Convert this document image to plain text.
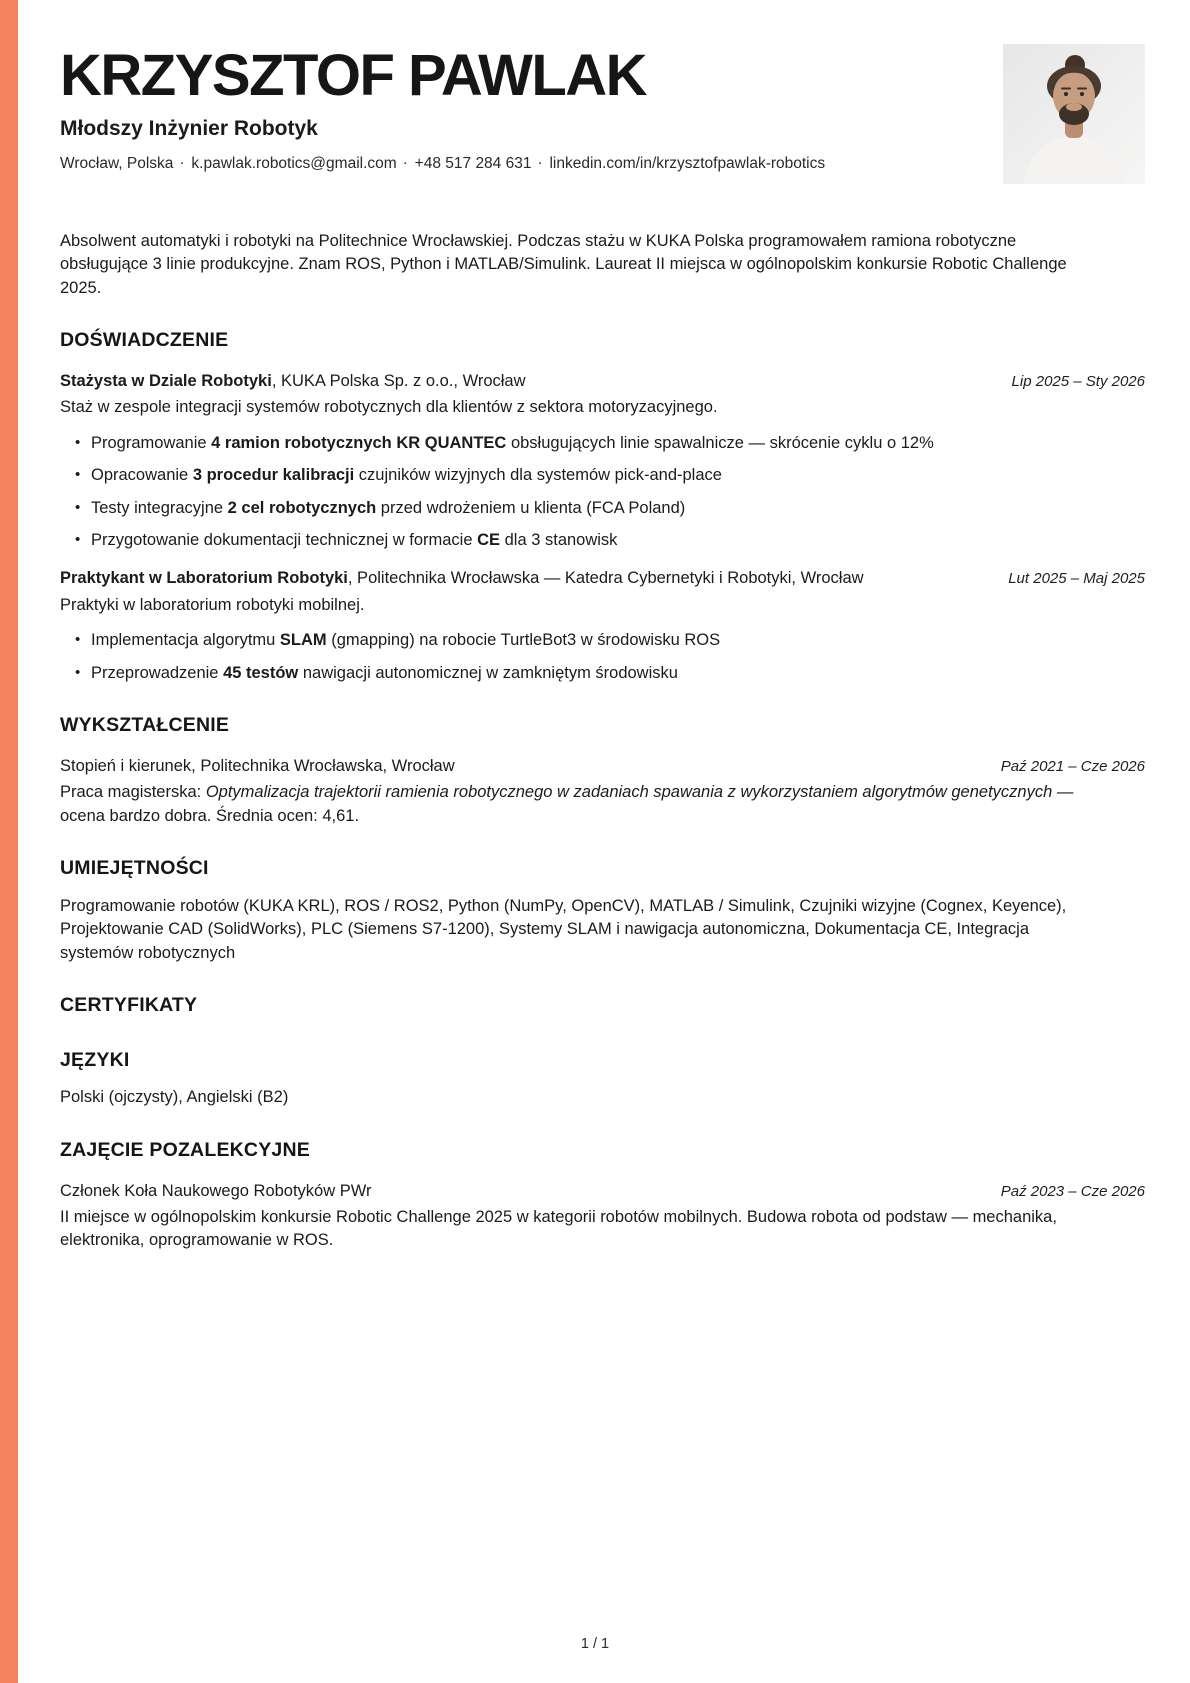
KRZYSZTOF PAWLAK
Młodszy Inżynier Robotyk
Wrocław, Polska · k.pawlak.robotics@gmail.com · +48 517 284 631 · linkedin.com/in/krzysztofpawlak-robotics

Absolwent automatyki i robotyki na Politechnice Wrocławskiej. Podczas stażu w KUKA Polska programowałem ramiona robotyczne obsługujące 3 linie produkcyjne. Znam ROS, Python i MATLAB/Simulink. Laureat II miejsca w ogólnopolskim konkursie Robotic Challenge 2025.

DOŚWIADCZENIE
Stażysta w Dziale Robotyki, KUKA Polska Sp. z o.o., Wrocław	Lip 2025 – Sty 2026

Staż w zespole integracji systemów robotycznych dla klientów z sektora motoryzacyjnego.

• Programowanie 4 ramion robotycznych KR QUANTEC obsługujących linie spawalnicze — skrócenie cyklu o 12%
• Opracowanie 3 procedur kalibracji czujników wizyjnych dla systemów pick-and-place
• Testy integracyjne 2 cel robotycznych przed wdrożeniem u klienta (FCA Poland)
• Przygotowanie dokumentacji technicznej w formacie CE dla 3 stanowisk
Praktykant w Laboratorium Robotyki, Politechnika Wrocławska — Katedra Cybernetyki i Robotyki, Wrocław	Lut 2025 – Maj 2025

Praktyki w laboratorium robotyki mobilnej.

• Implementacja algorytmu SLAM (gmapping) na robocie TurtleBot3 w środowisku ROS
• Przeprowadzenie 45 testów nawigacji autonomicznej w zamkniętym środowisku
WYKSZTAŁCENIE
Stopień i kierunek, Politechnika Wrocławska, Wrocław	Paź 2021 – Cze 2026

Praca magisterska: Optymalizacja trajektorii ramienia robotycznego w zadaniach spawania z wykorzystaniem algorytmów genetycznych — ocena bardzo dobra. Średnia ocen: 4,61.

UMIEJĘTNOŚCI

Programowanie robotów (KUKA KRL), ROS / ROS2, Python (NumPy, OpenCV), MATLAB / Simulink, Czujniki wizyjne (Cognex, Keyence), Projektowanie CAD (SolidWorks), PLC (Siemens S7-1200), Systemy SLAM i nawigacja autonomiczna, Dokumentacja CE, Integracja systemów robotycznych

CERTYFIKATY
JĘZYKI

Polski (ojczysty), Angielski (B2)

ZAJĘCIE POZALEKCYJNE
Członek Koła Naukowego Robotyków PWr	Paź 2023 – Cze 2026

II miejsce w ogólnopolskim konkursie Robotic Challenge 2025 w kategorii robotów mobilnych. Budowa robota od podstaw — mechanika, elektronika, oprogramowanie w ROS.

1 / 1
